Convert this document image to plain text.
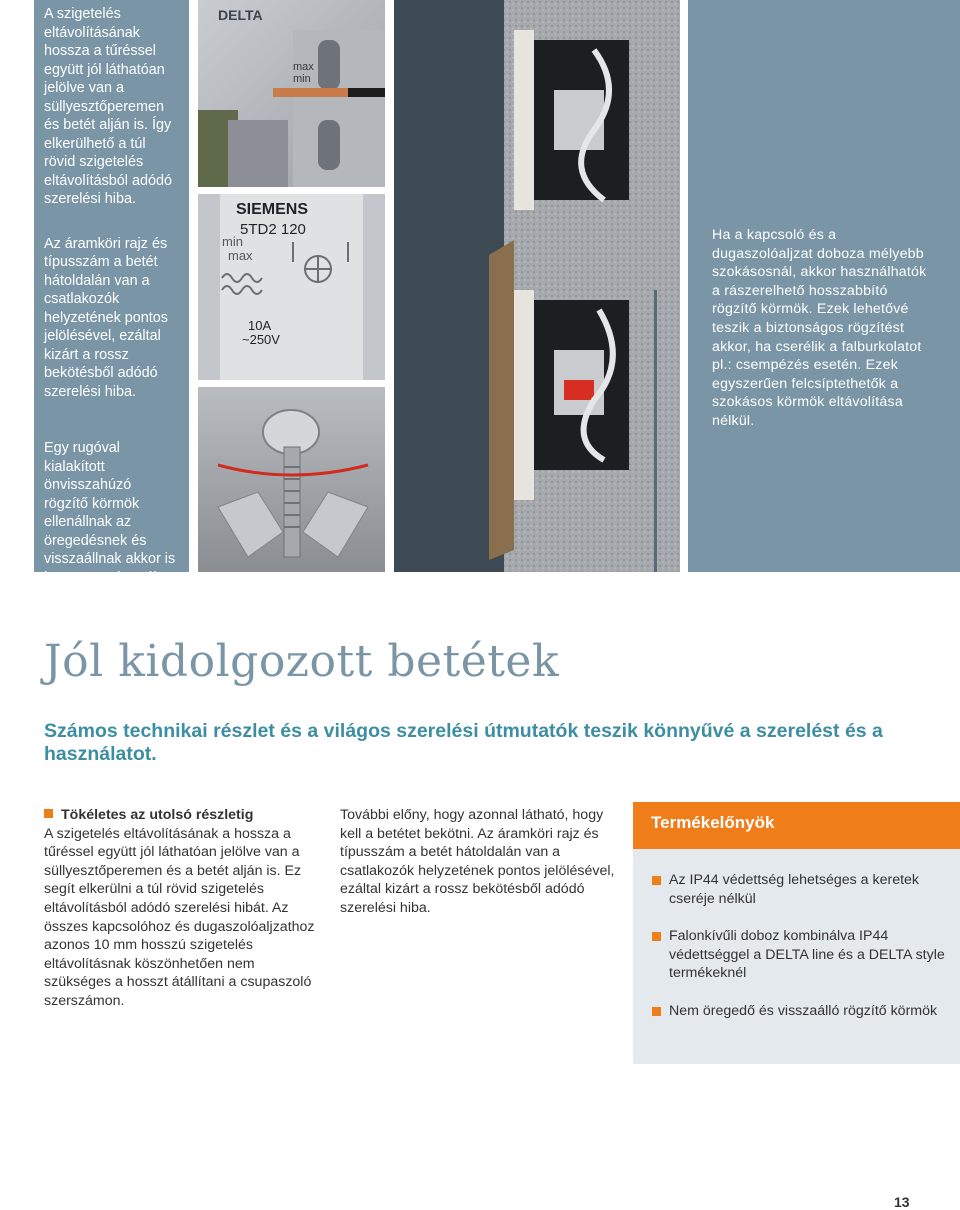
A szigetelés eltávolításának hossza a tűréssel együtt jól láthatóan jelölve van a süllyesztőperemen és betét alján is. Így elkerülhető a túl rövid szigetelés eltávolításból adódó szerelési hiba.

Az áramköri rajz és típusszám a betét hátoldalán van a csatlakozók helyzetének pontos jelölésével, ezáltal kizárt a rossz bekötésből adódó szerelési hiba.

Egy rugóval kialakított önvisszahúzó rögzítő körmök ellenállnak az öregedésnek és visszaállnak akkor is ha az egységet újra és újra felszerelik.

DELTA
max
min
SIEMENS
5TD2 120
min
max
10A
~250V

Ha a kapcsoló és a dugaszolóaljzat doboza mélyebb szokásosnál, akkor használhatók a rászerelhető hosszabbító rögzítő körmök. Ezek lehetővé teszik a biztonságos rögzítést akkor, ha cserélik a falburkolatot pl.: csempézés esetén. Ezek egyszerűen felcsíptethetők a szokásos körmök eltávolítása nélkül.

Jól kidolgozott betétek

Számos technikai részlet és a világos szerelési útmutatók teszik könnyűvé a szerelést és a használatot.

Tökéletes az utolsó részletig

A szigetelés eltávolításának a hossza a tűréssel együtt jól láthatóan jelölve van a süllyesztőperemen és a betét alján is. Ez segít elkerülni a túl rövid szigetelés eltávolításból adódó szerelési hibát. Az összes kapcsolóhoz és dugaszolóaljzathoz azonos 10 mm hosszú szigetelés eltávolításnak köszönhetően nem szükséges a hosszt átállítani a csupaszoló szerszámon.

További előny, hogy azonnal látható, hogy kell a betétet bekötni. Az áramköri rajz és típusszám a betét hátoldalán van a csatlakozók helyzetének pontos jelölésével, ezáltal kizárt a rossz bekötésből adódó szerelési hiba.

Termékelőnyök
Az IP44 védettség lehetséges a keretek cseréje nélkül
Falonkívűli doboz kombinálva IP44 védettséggel a DELTA line és a DELTA style termékeknél
Nem öregedő és visszaálló rögzítő körmök
13
